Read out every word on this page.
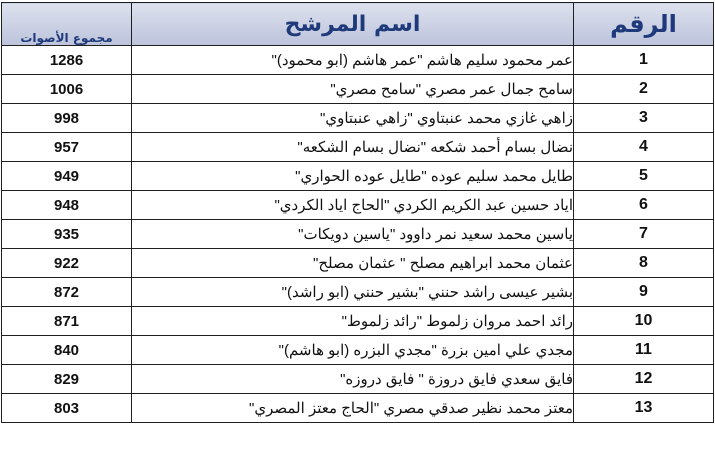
مجموع الأصوات	اسم المرشح	الرقم
1286	عمر محمود سليم هاشم "عمر هاشم (ابو محمود)"	1
1006	سامح جمال عمر مصري "سامح مصري"	2
998	زاهي غازي محمد عنبتاوي "زاهي عنبتاوي"	3
957	نضال بسام أحمد شكعه "نضال بسام الشكعه"	4
949	طايل محمد سليم عوده "طايل عوده الحواري"	5
948	اياد حسين عبد الكريم الكردي "الحاج اياد الكردي"	6
935	ياسين محمد سعيد نمر داوود "ياسين دويكات"	7
922	عثمان محمد ابراهيم مصلح " عثمان مصلح"	8
872	بشير عيسى راشد حنني "بشير حنني (ابو راشد)"	9
871	رائد احمد مروان زلموط "رائد زلموط"	10
840	مجدي علي امين بزرة "مجدي البزره (ابو هاشم)"	11
829	فايق سعدي فايق دروزة " فايق دروزه"	12
803	معتز محمد نظير صدقي مصري "الحاج معتز المصري"	13
